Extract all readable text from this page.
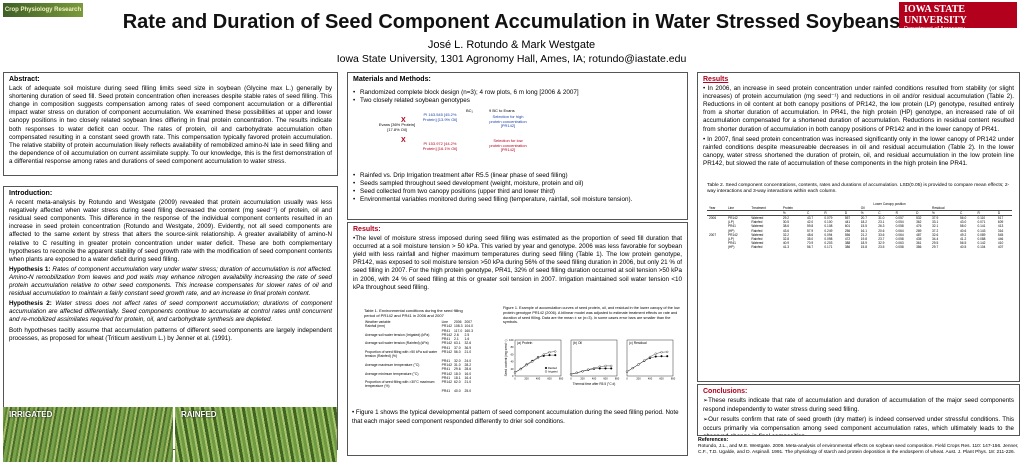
Crop Physiology Research	IOWA STATE UNIVERSITY
Department of Agronomy
Crop, Soil, and Environmental Sciences
Rate and Duration of Seed Component Accumulation in Water Stressed Soybeans
José L. Rotundo & Mark Westgate
Iowa State University, 1301 Agronomy Hall, Ames, IA; rotundo@iastate.edu
Abstract:

Lack of adequate soil moisture during seed filling limits seed size in soybean (Glycine max L.) generally by shortening duration of seed fill. Seed protein concentration often increases despite stable rates of seed filling. This change in composition suggests compensation among rates of seed component accumulation or a differential impact water stress on duration of component accumulation. We examined these possibilities at upper and lower canopy positions in two closely related soybean lines differing in final protein concentration. The results indicate both responses to water deficit can occur. The rates of protein, oil and carbohydrate accumulation often compensated resulting in a constant seed growth rate. This compensation typically favored protein accumulation. The relative stability of protein accumulation likely reflects availability of remobilized amino-N late in seed filling and the dependence of oil accumulation on current assimilate supply. To our knowledge, this is the first demonstration of a differential response among rates and durations of seed component accumulation to water stress.

Introduction:

A recent meta-analysis by Rotundo and Westgate (2009) revealed that protein accumulation usually was less negatively affected when water stress during seed filling decreased the content (mg seed⁻¹) of protein, oil and residual seed components. This difference in the response of the individual component contents resulted in an increase in seed protein concentration (Rotundo and Westgate, 2009). Evidently, not all seed components are affected to the same extent by stress that alters the source-sink relationship. A greater availability of amino-N relative to C resulting in greater protein concentration under water deficit. These are both complementary hypotheses to reconcile the apparent stability of seed growth rate with the modification of seed component contents when plants are exposed to a water deficit during seed filling.

Hypothesis 1: Rates of component accumulation vary under water stress; duration of accumulation is not affected. Amino-N remobilization from leaves and pod walls may enhance nitrogen availability increasing the rate of seed protein accumulation relative to other seed components. This increase compensates for slower rates of oil and residual accumulation to maintain a fairly constant seed growth rate, and an increase in final protein content.

Hypothesis 2: Water stress does not affect rates of seed component accumulation; durations of component accumulation are affected differentially. Seed components continue to accumulate at control rates until concurrent and re-mobilized assimilates required for protein, oil, and carbohydrate synthesis are depleted.

Both hypotheses tacitly assume that accumulation patterns of different seed components are largely independent processes, as proposed for wheat (Triticum aestivum L.) by Jenner et al. (1991).

IRRIGATED	RAINFED
Materials and Methods:
• Randomized complete block design (n=3); 4 row plots, 6 m long [2006 & 2007]
• Two closely related soybean genotypes
• Rainfed vs. Drip Irrigation treatment after R5.5 (linear phase of seed filling)
• Seeds sampled throughout seed development (weight, moisture, protein and oil)
• Seed collected from two canopy positions (upper third and lower third)
• Environmental variables monitored during seed filling (temperature, rainfall, soil moisture tension).
Evans [36% Protein] [17.8% Oil]
X
X
PI 163.545 [45.2% Protein] [13.9% Oil]
PI 153.972 [44.2% Protein] [16.1% Oil]
BC₁	9 BC to Evans
Selection for high protein concentration [PR142]
Selection for low protein concentration [PR142]
Results:

•The level of moisture stress imposed during seed filling was estimated as the proportion of seed fill duration that occurred at a soil moisture tension > 50 kPa. This varied by year and genotype. 2006 was less favorable for soybean yield with less rainfall and higher maximum temperatures during seed filling (Table 1). The low protein genotype, PR142, was exposed to soil moisture tension >50 kPa during 56% of the seed filling duration in 2006, but only 21 % of seed filling in 2007. For the high protein genotype, PR41, 32% of seed filling duration occurred at soil tension >50 kPa in 2006, with 24 % of seed filling at this or greater soil tension in 2007. Irrigation maintained soil water tension <10 kPa throughout seed filling.

Table 1. Environmental conditions during the seed filling period of PR142 and PR41 in 2006 and 2007
Weather variable	Line	2006	2007
Rainfall (mm)	PR142	108.3	104.0
	PR41	117.0	160.3
Average soil water tension (Irrigated) (kPa)	PR142	2.6	2.5
	PR41	2.1	1.6
Average soil water tension (Rainfed) (kPa)	PR142	63.1	32.6
	PR41	37.0	36.9
Proportion of seed filling with >50 kPa soil water tension (Rainfed) (%)	PR142	56.0	21.0
	PR41	32.0	24.0
Average maximum temperature (°C)	PR142	31.0	28.2
	PR41	29.6	28.6
Average minimum temperature (°C)	PR142	18.0	16.0
	PR41	18.1	16.4
Proportion of seed filling with >30°C maximum temperature (%)	PR142	62.0	21.0
	PR41	40.0	25.0
Figure 1. Example of accumulation curves of seed protein, oil, and residual in the lower canopy of the low protein genotype PR142 (2006). A bilinear model was adjusted to estimate treatment effects on rate and duration of seed filling. Data are the mean ± se (n=3). In some cases error bars are smaller than the symbols.
Seed content (mg seed⁻¹)	(a) Protein
0	200	400	600	800
0
20
40
60
80
100
Rainfed
Irrigated
(b) Oil
0	200	400	600	800
(c) Residual
0	200	400	600	800
Thermal time after R5.5 (°C d)
• Figure 1 shows the typical developmental pattern of seed component accumulation during the seed filling period. Note that each major seed component responded differently to drier soil conditions.
Results

• In 2006, an increase in seed protein concentration under rainfed conditions resulted from stability (or slight increases) of protein accumulation (mg seed⁻¹) and reductions in oil and/or residual accumulation (Table 2). Reductions in oil content at both canopy positions of PR142, the low protein (LP) genotype, resulted entirely from a shorter duration of accumulation. In PR41, the high protein (HP) genotype, an increased rate of oil accumulation compensated for a shortened duration of accumulation. Reductions in residual content resulted from shorter duration of accumulation in both canopy positions of PR142 and in the lower canopy of PR41.

• In 2007, final seed protein concentration was increased significantly only in the lower canopy of PR142 under rainfed conditions despite measureable decreases in oil and residual accumulation (Table 2). In the lower canopy, water stress shortened the duration of protein, oil, and residual accumulation in the low protein line PR142, but slowed the rate of accumulation of these components in the high protein line PR41.

Table 2. Seed component concentrations, contents, rates and durations of accumulation. LSD(0.05) is provided to compare mean effects; 2-way interactions and 3-way interactions within each column.
Lower Canopy position
Year	Line	Treatment	Protein				Oil				Residual			
			%	C	R	D	%	C	R	D	%	C	R	D
2006	PR142	Watered	29.2	43.7	0.079	557	20.7	31.0	0.057	532	37.9	56.0	0.110	517
	(LP)	Rainfed	30.5	42.0	0.100	441	18.2	23.1	0.054	362	33.1	43.0	0.071	609
	PR41	Watered	38.6	59.8	0.108	601	15.5	26.3	0.058	476	32.1	58.0	0.141	413
	(HP)	Rainfed	43.6	57.9	0.249	256	16.1	20.6	0.064	289	37.2	40.6	0.143	316
2007	PR142	Watered	32.2	48.6	0.094	556	21.2	33.6	0.064	487	32.6	49.2	0.089	545
	(LP)	Rainfed	32.8	35.0	0.098	472	19.8	23.7	0.058	435	34.4	41.2	0.088	446
	PR41	Watered	40.9	70.9	0.203	388	18.9	32.9	0.063	361	29.5	56.5	0.142	410
	(HP)	Rainfed	41.3	56.7	0.171	386	15.8	23.5	0.058	386	29.7	40.5	0.104	407
Conclusions:

➢These results indicate that rate of accumulation and duration of accumulation of the major seed components respond independently to water stress during seed filling.

➢Our results confirm that rate of seed growth (dry matter) is indeed conserved under stressful conditions. This occurs primarily via compensation among seed component accumulation rates, which ultimately leads to the

References:
Rotundo, J.L., and M.E. Westgate. 2009. Meta-analysis of environmental effects on soybean seed composition. Field Crops Res. 110: 147-156. Jenner, C.F., T.D. Ugalde, and D. Aspinall. 1991. The physiology of starch and protein deposition in the endosperm of wheat. Aust. J. Plant Phys. 18: 211-226.
